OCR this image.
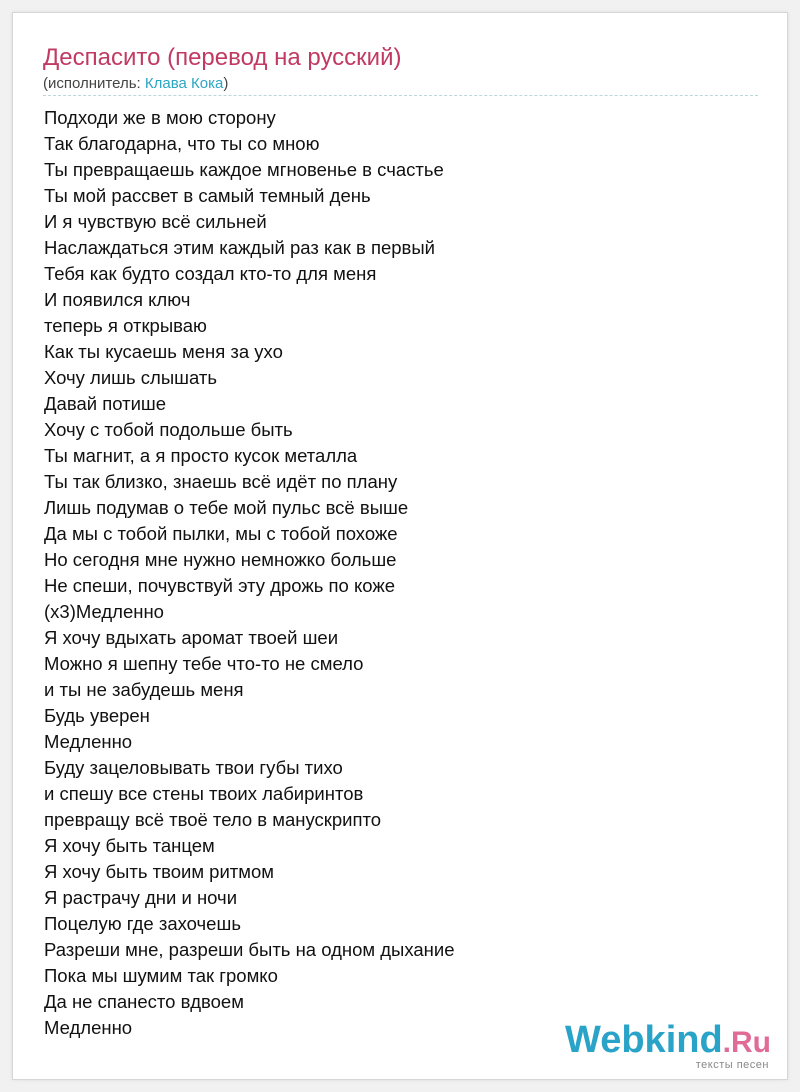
Деспасито (перевод на русский)
(исполнитель: Клава Кока)
Подходи же в мою сторону
Так благодарна, что ты со мною
Ты превращаешь каждое мгновенье в счастье
Ты мой рассвет в самый темный день
И я чувствую всё сильней
Наслаждаться этим каждый раз как в первый
Тебя как будто создал кто-то для меня
И появился ключ
теперь я открываю
Как ты кусаешь меня за ухо
Хочу лишь слышать
Давай потише
Хочу с тобой подольше быть
Ты магнит, а я просто кусок металла
Ты так близко, знаешь всё идёт по плану
Лишь подумав о тебе мой пульс всё выше
Да мы с тобой пылки, мы с тобой похоже
Но сегодня мне нужно немножко больше
Не спеши, почувствуй эту дрожь по коже
(x3)Медленно
Я хочу вдыхать аромат твоей шеи
Можно я шепну тебе что-то не смело
и ты не забудешь меня
Будь уверен
Медленно
Буду зацеловывать твои губы тихо
и спешу все стены твоих лабиринтов
превращу всё твоё тело в манускрипто
Я хочу быть танцем
Я хочу быть твоим ритмом
Я растрачу дни и ночи
Поцелую где захочешь
Разреши мне, разреши быть на одном дыхание
Пока мы шумим так громко
Да не спанесто вдвоем
Медленно	Webkind.Ru
тексты песен
